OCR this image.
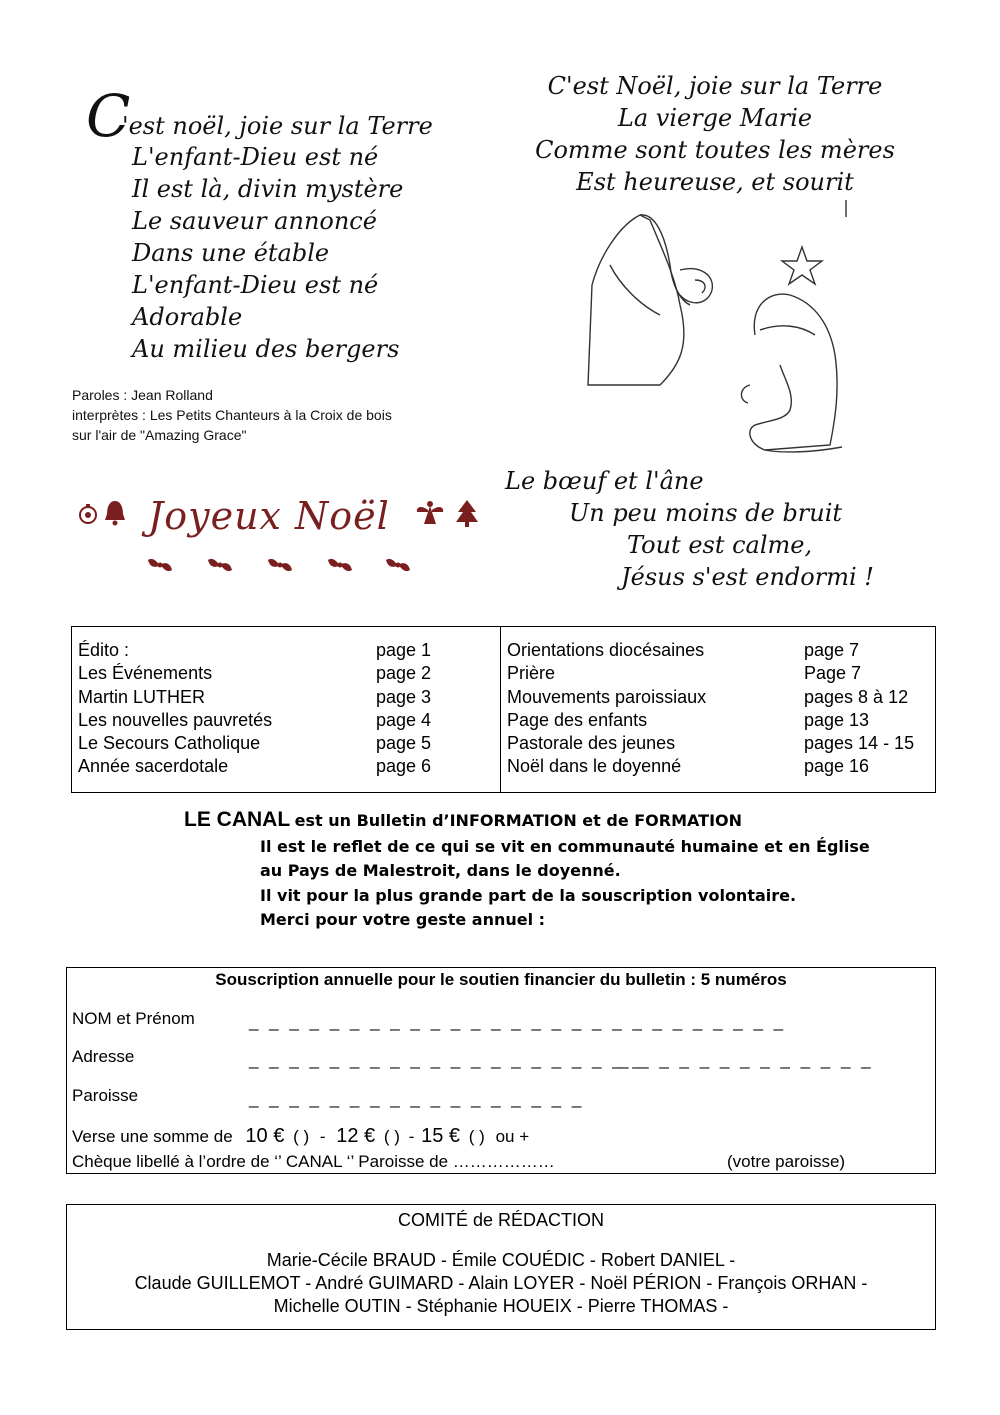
C
'est noël, joie sur la Terre
L'enfant-Dieu est né
Il est là, divin mystère
Le sauveur annoncé
Dans une étable
L'enfant-Dieu est né
Adorable
Au milieu des bergers
Paroles : Jean Rolland
interprètes : Les Petits Chanteurs à la Croix de bois
sur l'air de "Amazing Grace"
C'est Noël, joie sur la Terre
La vierge Marie
Comme sont toutes les mères
Est heureuse, et sourit
Joyeux Noël
Le bœuf et l'âne
Un peu moins de bruit
Tout est calme,
Jésus s'est endormi !
Édito :	page 1
Les Événements	page 2
Martin LUTHER	page 3
Les nouvelles pauvretés	page 4
Le Secours Catholique	page 5
Année sacerdotale	page 6
Orientations diocésaines	page 7
Prière	Page 7
Mouvements paroissiaux	pages 8 à 12
Page des enfants	page 13
Pastorale des jeunes	pages 14 - 15
Noël dans le doyenné	page 16
LE CANAL est un Bulletin d’INFORMATION et de FORMATION
Il est le reflet de ce qui se vit en communauté humaine et en Église
au Pays de Malestroit, dans le doyenné.
Il vit pour la plus grande part de la souscription volontaire.
Merci pour votre geste annuel :
Souscription annuelle pour le soutien financier du bulletin : 5 numéros
NOM et Prénom	_ _ _ _ _ _ _ _ _ _ _ _ _ _ _ _ _ _ _ _ _ _ _ _ _ _ _
Adresse	_ _ _ _ _ _ _ _ _ _ _ _ _ _ _ _ _ _ _ _
_ _ _ _ _ _ _ _ _ _ _ _ _
Paroisse	_ _ _ _ _ _ _ _ _ _ _ _ _ _ _ _ _
Verse une somme de 10 € ( ) - 12 € ( ) - 15 € ( ) ou +
Chèque libellé à l’ordre de ‘’ CANAL ‘’ Paroisse de ………………	(votre paroisse)
COMITÉ de RÉDACTION
Marie-Cécile BRAUD - Émile COUÉDIC - Robert DANIEL -
Claude GUILLEMOT - André GUIMARD - Alain LOYER - Noël PÉRION - François ORHAN -
Michelle OUTIN - Stéphanie HOUEIX - Pierre THOMAS -
